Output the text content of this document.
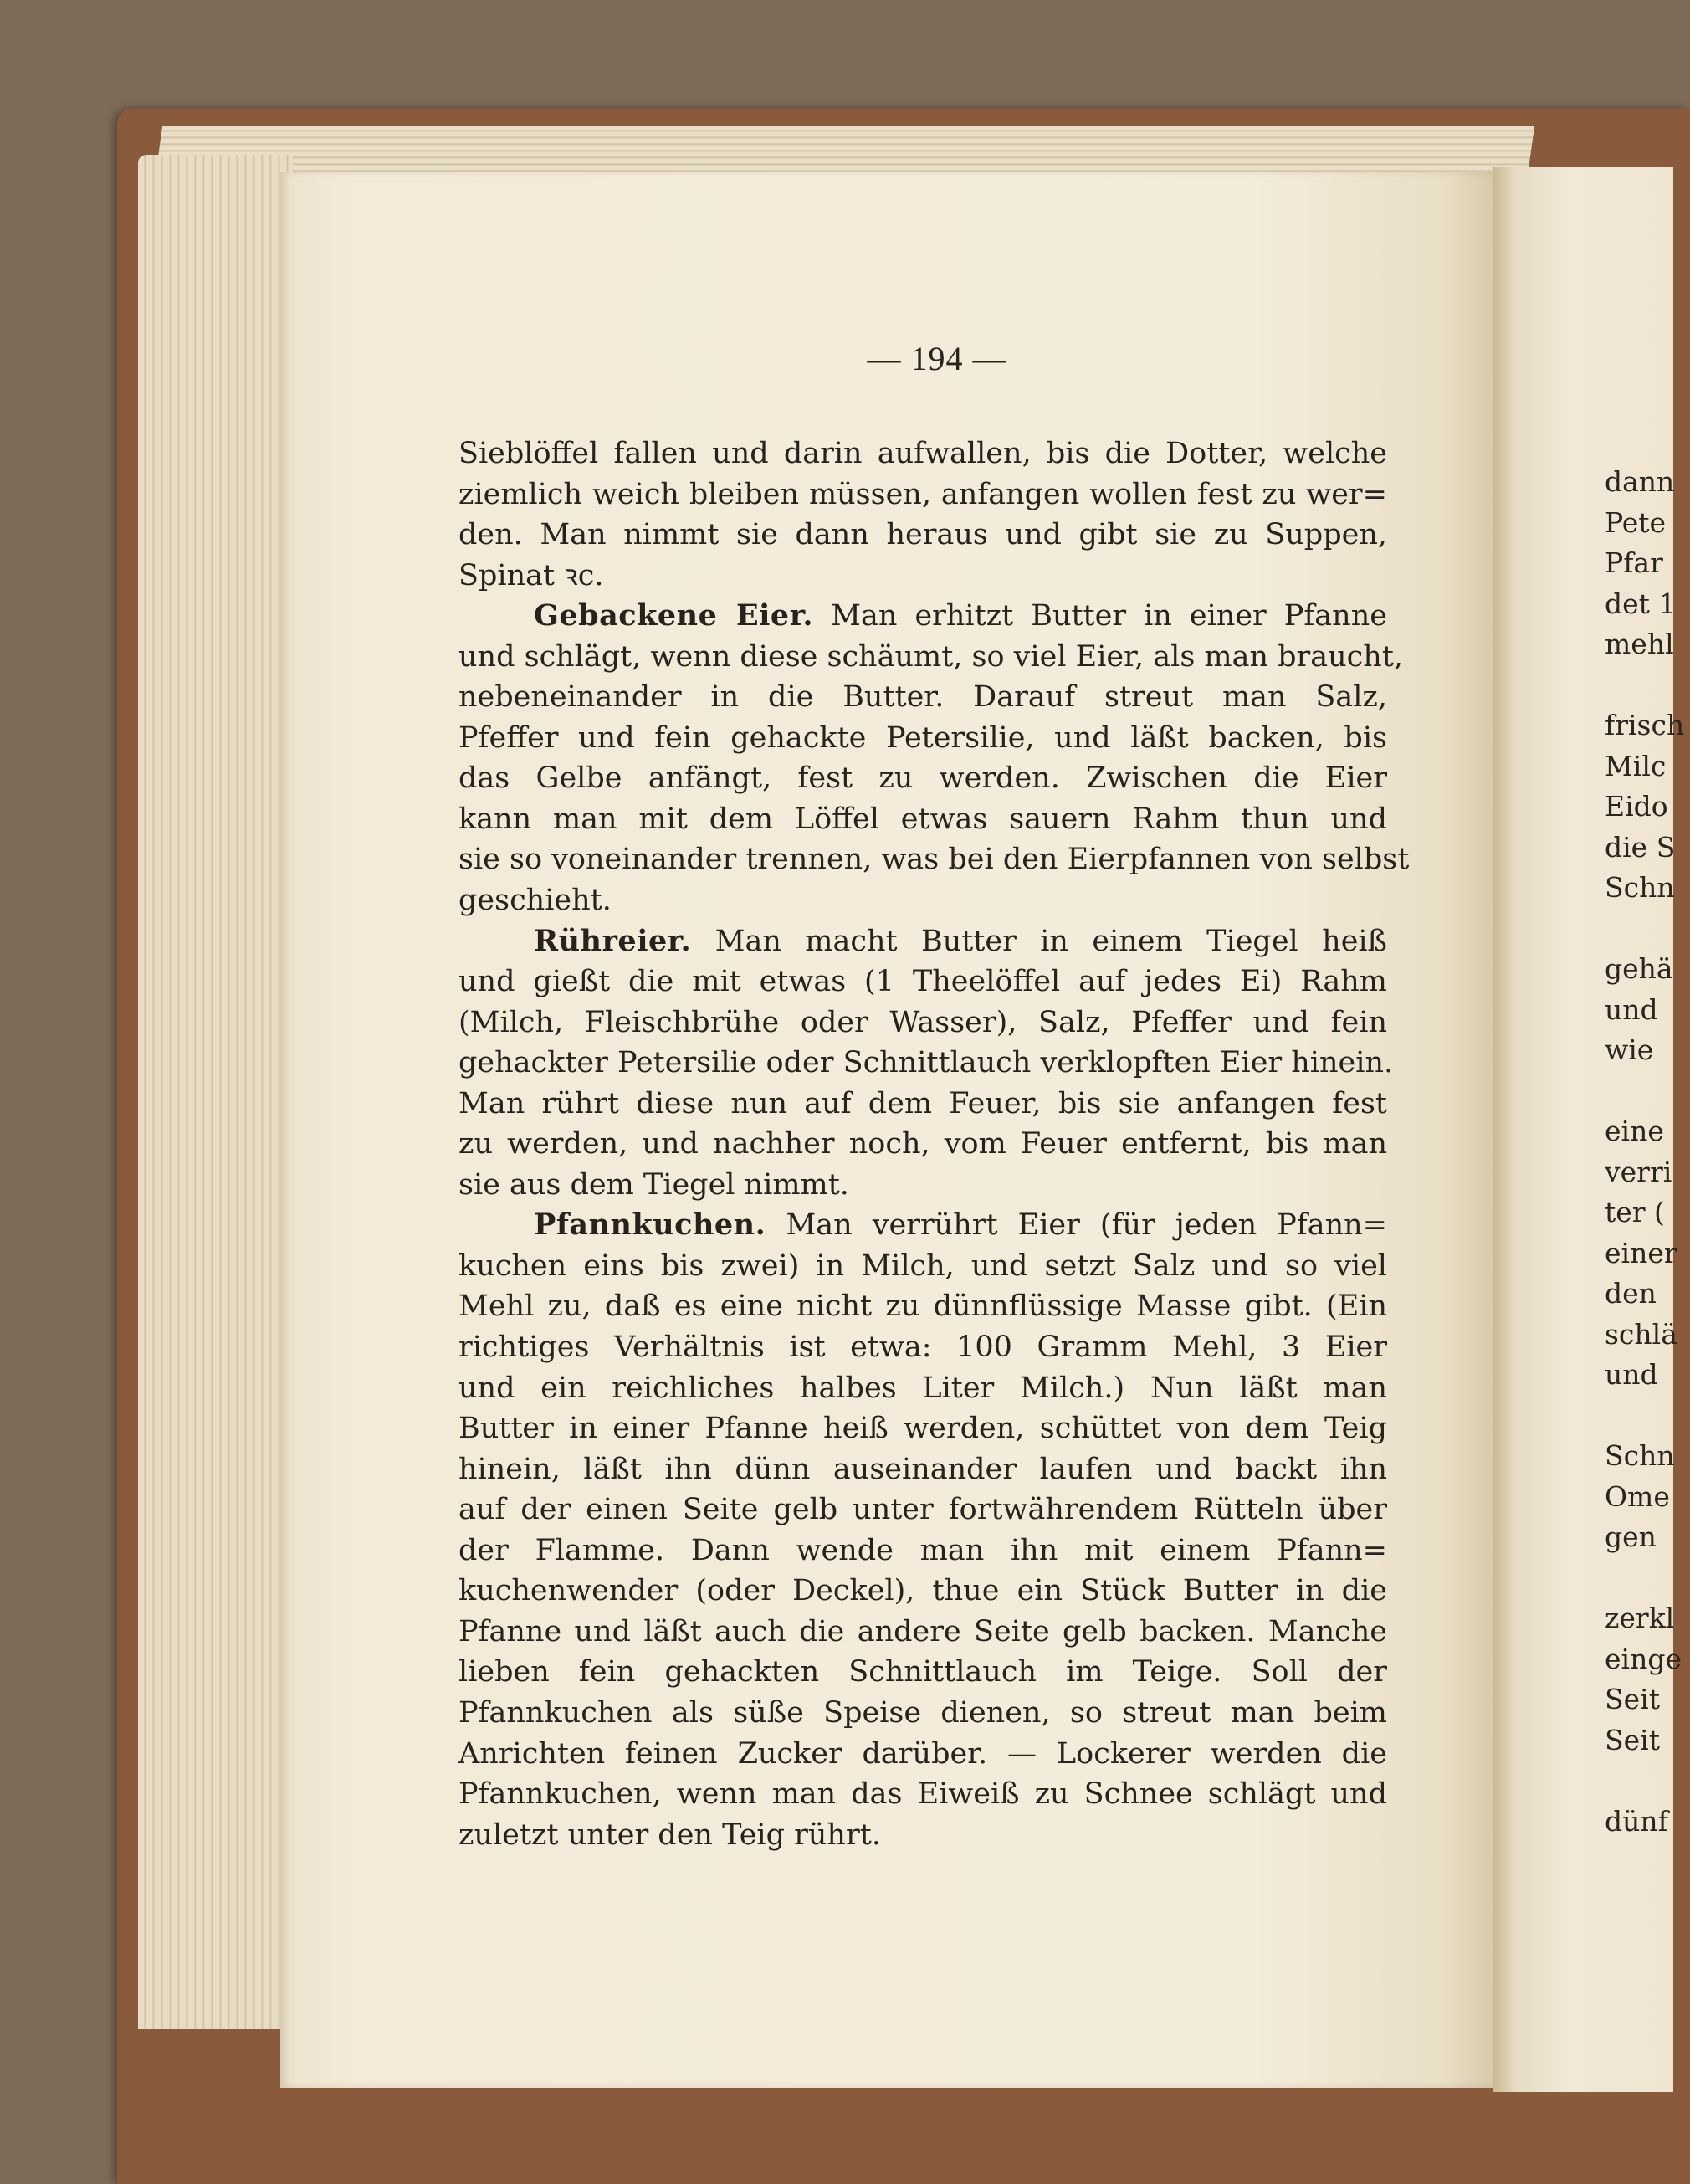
— 194 —
Sieblöffel fallen und darin aufwallen, bis die Dotter, welche
ziemlich weich bleiben müssen, anfangen wollen fest zu wer=
den. Man nimmt sie dann heraus und gibt sie zu Suppen,
Spinat ꝛc.
Gebackene Eier. Man erhitzt Butter in einer Pfanne
und schlägt, wenn diese schäumt, so viel Eier, als man braucht,
nebeneinander in die Butter. Darauf streut man Salz,
Pfeffer und fein gehackte Petersilie, und läßt backen, bis
das Gelbe anfängt, fest zu werden. Zwischen die Eier
kann man mit dem Löffel etwas sauern Rahm thun und
sie so voneinander trennen, was bei den Eierpfannen von selbst
geschieht.
Rühreier. Man macht Butter in einem Tiegel heiß
und gießt die mit etwas (1 Theelöffel auf jedes Ei) Rahm
(Milch, Fleischbrühe oder Wasser), Salz, Pfeffer und fein
gehackter Petersilie oder Schnittlauch verklopften Eier hinein.
Man rührt diese nun auf dem Feuer, bis sie anfangen fest
zu werden, und nachher noch, vom Feuer entfernt, bis man
sie aus dem Tiegel nimmt.
Pfannkuchen. Man verrührt Eier (für jeden Pfann=
kuchen eins bis zwei) in Milch, und setzt Salz und so viel
Mehl zu, daß es eine nicht zu dünnflüssige Masse gibt. (Ein
richtiges Verhältnis ist etwa: 100 Gramm Mehl, 3 Eier
und ein reichliches halbes Liter Milch.) Nun läßt man
Butter in einer Pfanne heiß werden, schüttet von dem Teig
hinein, läßt ihn dünn auseinander laufen und backt ihn
auf der einen Seite gelb unter fortwährendem Rütteln über
der Flamme. Dann wende man ihn mit einem Pfann=
kuchenwender (oder Deckel), thue ein Stück Butter in die
Pfanne und läßt auch die andere Seite gelb backen. Manche
lieben fein gehackten Schnittlauch im Teige. Soll der
Pfannkuchen als süße Speise dienen, so streut man beim
Anrichten feinen Zucker darüber. — Lockerer werden die
Pfannkuchen, wenn man das Eiweiß zu Schnee schlägt und
zuletzt unter den Teig rührt.
dann
Pete
Pfar
det 1
mehl
frisch
Milc
Eido
die S
Schn
gehä
und
wie
eine
verri
ter (
einer
den
schlä
und
Schn
Ome
gen
zerkl
einge
Seit
Seit
dünf
